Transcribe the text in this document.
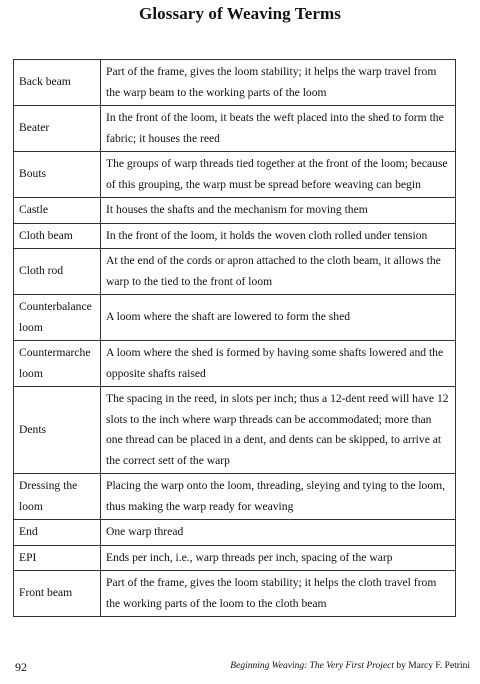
Glossary of Weaving Terms
Back beam	Part of the frame, gives the loom stability; it helps the warp travel from the warp beam to the working parts of the loom
Beater	In the front of the loom, it beats the weft placed into the shed to form the fabric; it houses the reed
Bouts	The groups of warp threads tied together at the front of the loom; because of this grouping, the warp must be spread before weaving can begin
Castle	It houses the shafts and the mechanism for moving them
Cloth beam	In the front of the loom, it holds the woven cloth rolled under tension
Cloth rod	At the end of the cords or apron attached to the cloth beam, it allows the warp to the tied to the front of loom
Counterbalance loom	A loom where the shaft are lowered to form the shed
Countermarche loom	A loom where the shed is formed by having some shafts lowered and the opposite shafts raised
Dents	The spacing in the reed, in slots per inch; thus a 12-dent reed will have 12 slots to the inch where warp threads can be accommodated; more than one thread can be placed in a dent, and dents can be skipped, to arrive at the correct sett of the warp
Dressing the loom	Placing the warp onto the loom, threading, sleying and tying to the loom, thus making the warp ready for weaving
End	One warp thread
EPI	Ends per inch, i.e., warp threads per inch, spacing of the warp
Front beam	Part of the frame, gives the loom stability; it helps the cloth travel from the working parts of the loom to the cloth beam
92	Beginning Weaving: The Very First Project by Marcy F. Petrini
